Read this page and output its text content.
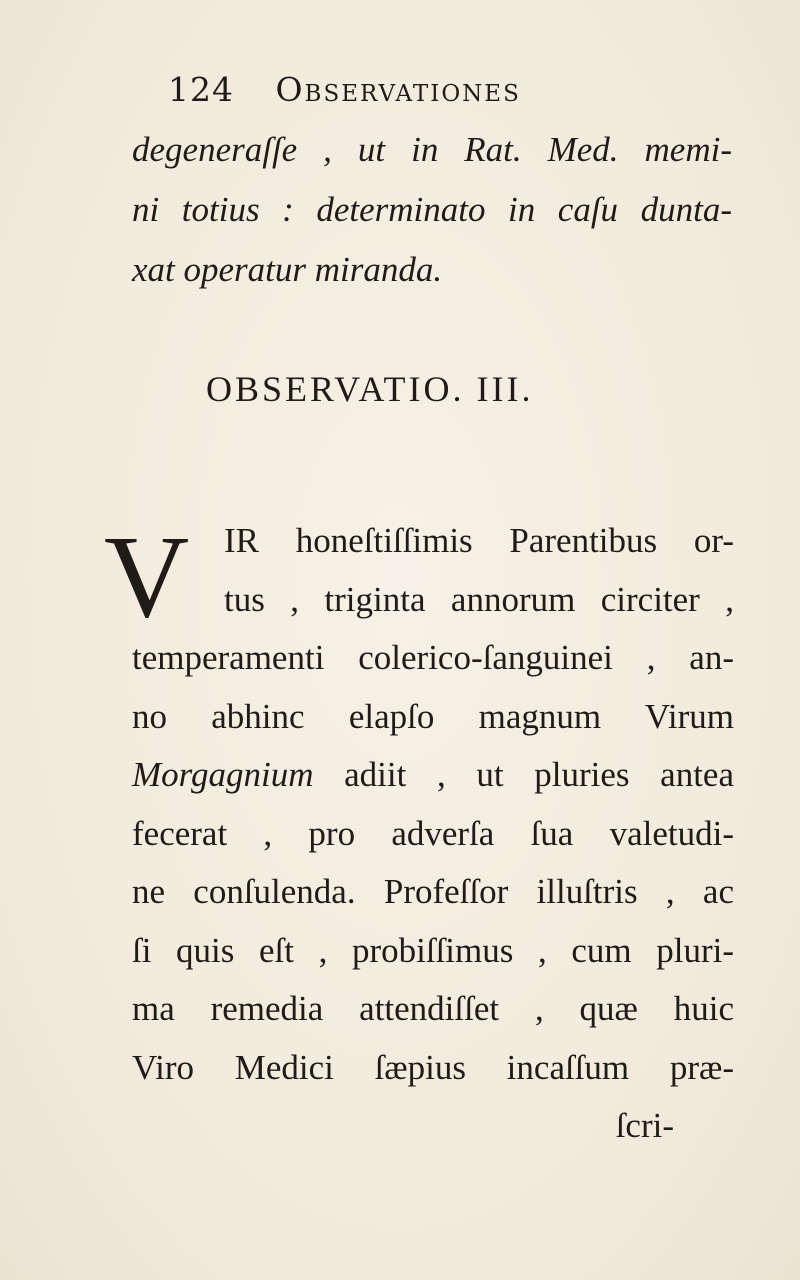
124 Observationes
degeneraſſe , ut in Rat. Med. memi-
ni totius : determinato in caſu dunta-
xat operatur miranda.
OBSERVATIO. III.
V IR honeſtiſſimis Parentibus or-
tus , triginta annorum circiter ,
temperamenti colerico-ſanguinei , an-
no abhinc elapſo magnum Virum
Morgagnium adiit , ut pluries antea
fecerat , pro adverſa ſua valetudi-
ne conſulenda. Profeſſor illuſtris , ac
ſi quis eſt , probiſſimus , cum pluri-
ma remedia attendiſſet , quæ huic
Viro Medici ſæpius incaſſum præ-
ſcri-
